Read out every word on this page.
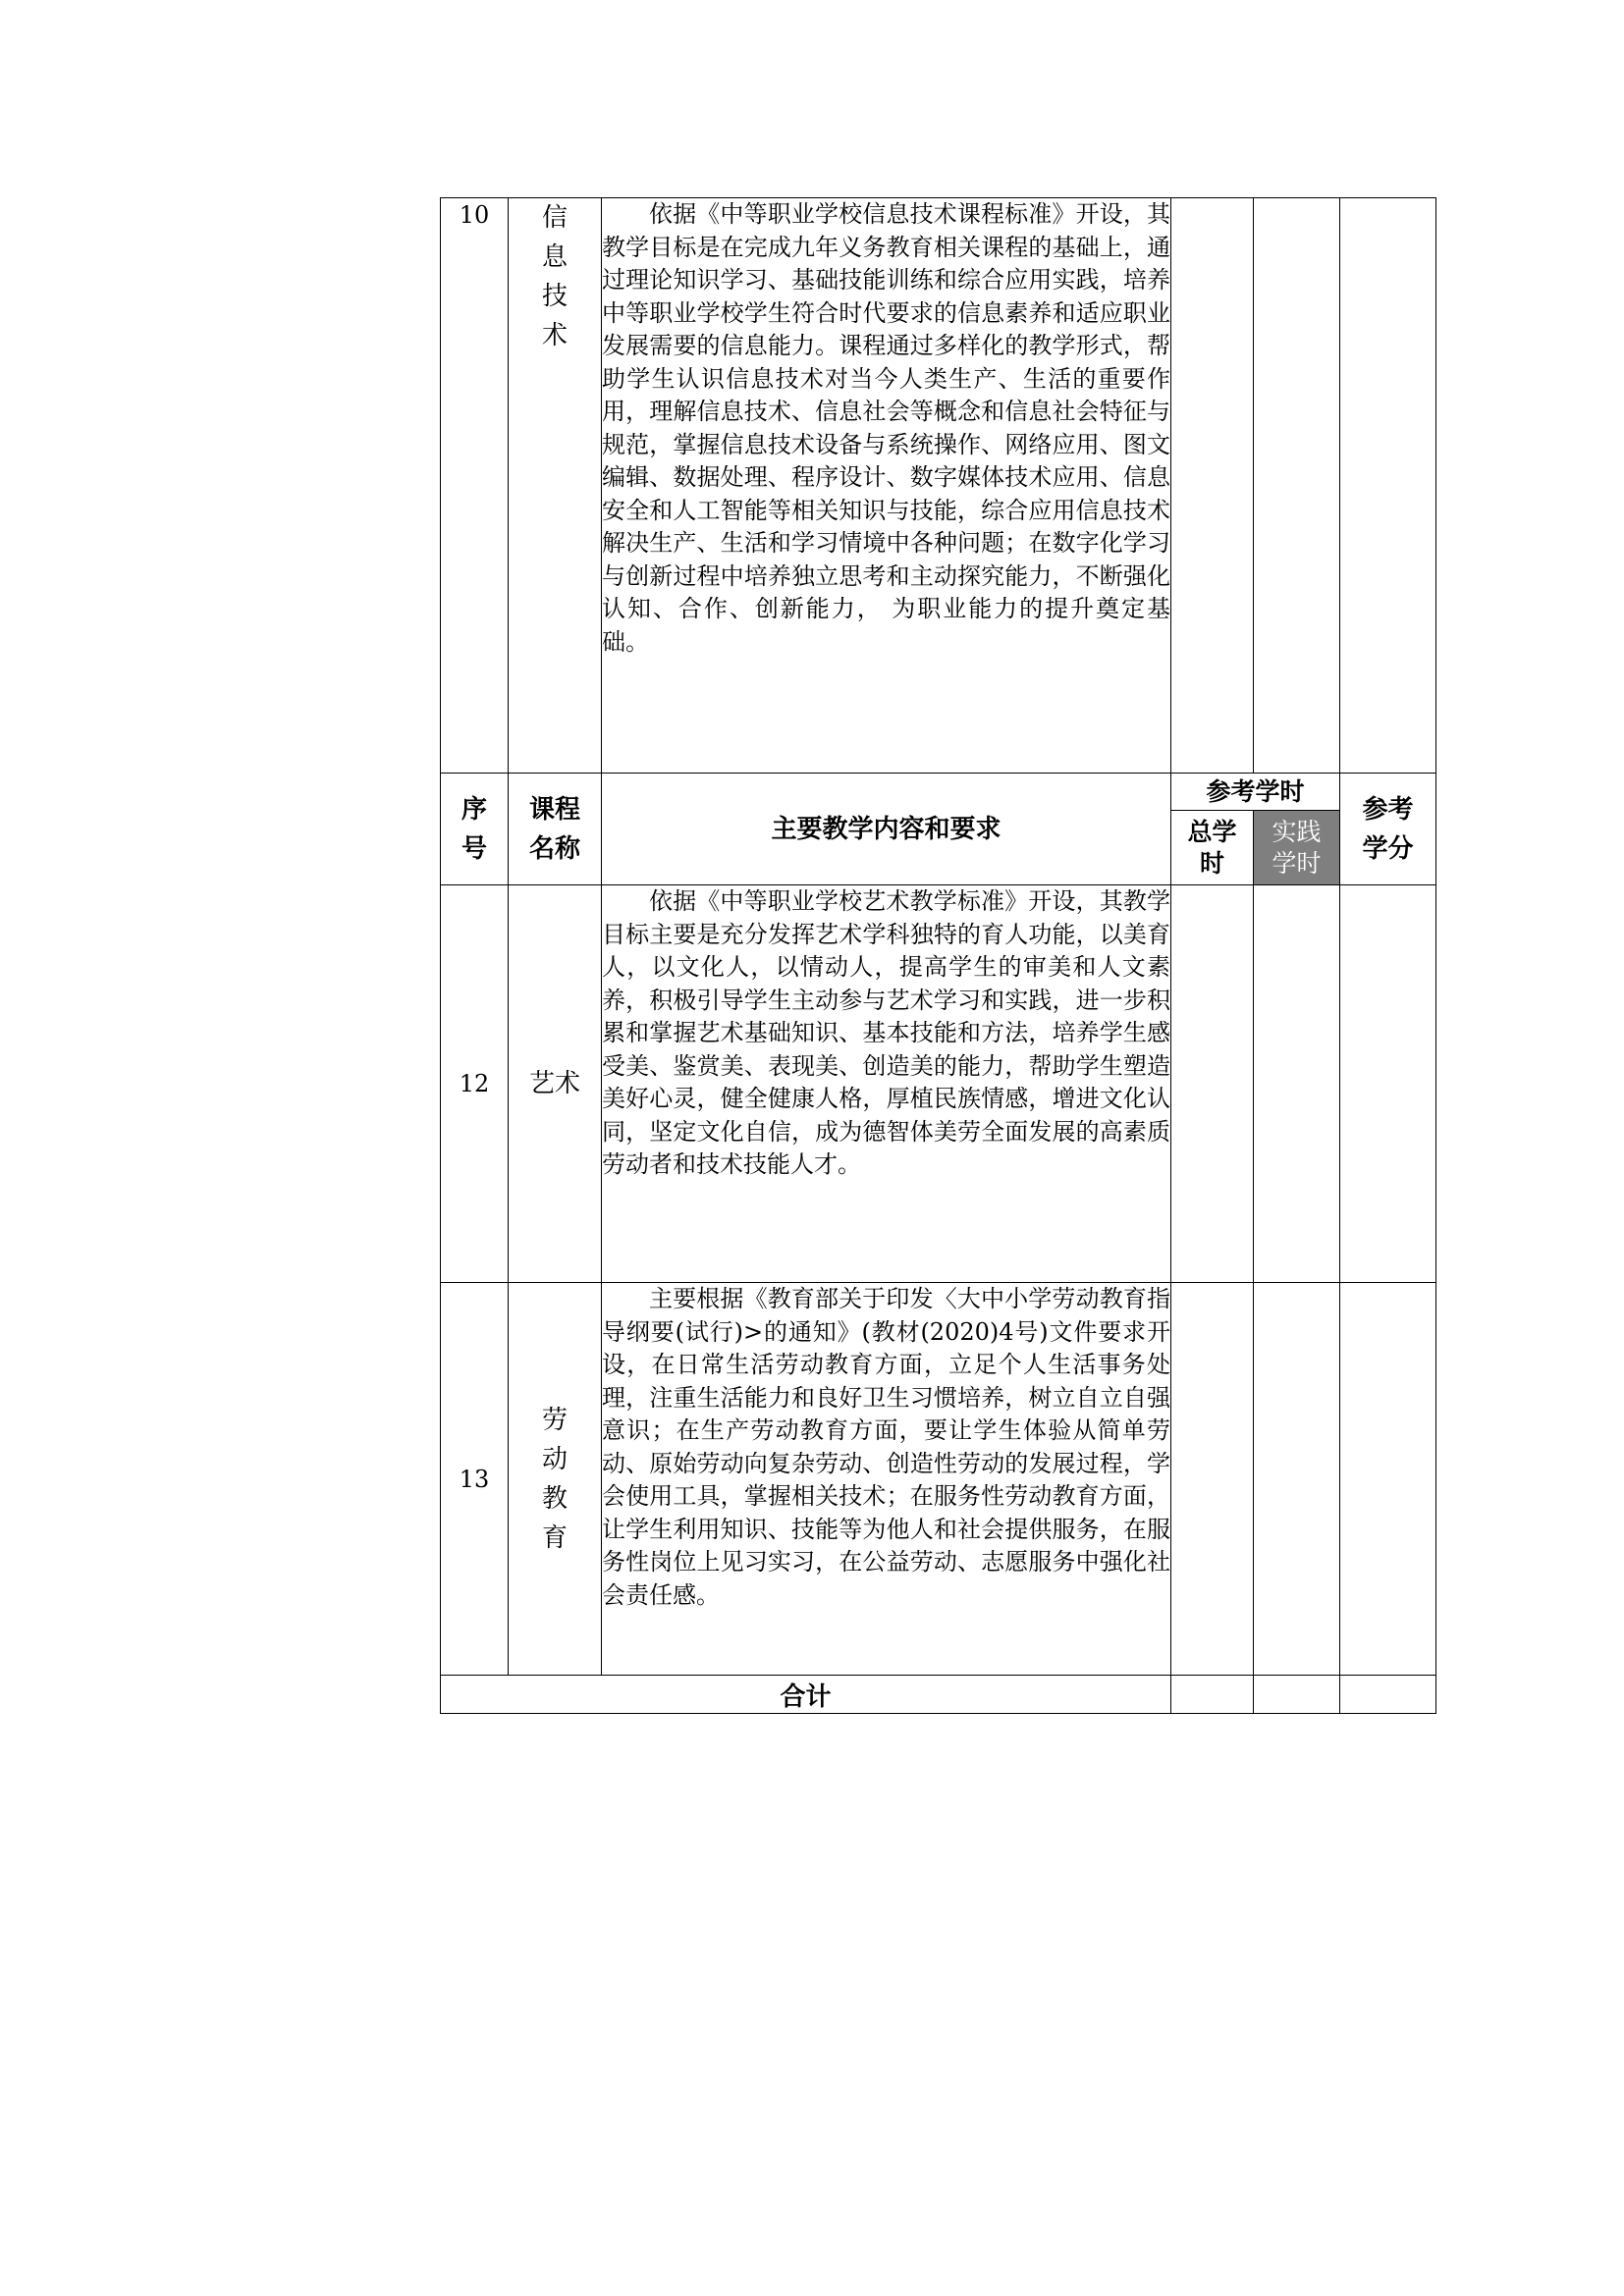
10	信息技术	依据《中等职业学校信息技术课程标准》开设，其教学目标是在完成九年义务教育相关课程的基础上，通过理论知识学习、基础技能训练和综合应用实践，培养中等职业学校学生符合时代要求的信息素养和适应职业发展需要的信息能力。课程通过多样化的教学形式，帮助学生认识信息技术对当今人类生产、生活的重要作用，理解信息技术、信息社会等概念和信息社会特征与规范，掌握信息技术设备与系统操作、网络应用、图文编辑、数据处理、程序设计、数字媒体技术应用、信息安全和人工智能等相关知识与技能，综合应用信息技术解决生产、生活和学习情境中各种问题；在数字化学习与创新过程中培养独立思考和主动探究能力，不断强化认知、合作、创新能力， 为职业能力的提升奠定基础。			

序号	课程名称	主要教学内容和要求	参考学时		参考学分
			总学时	实践学时	
12	艺术	依据《中等职业学校艺术教学标准》开设，其教学目标主要是充分发挥艺术学科独特的育人功能，以美育人，以文化人，以情动人，提高学生的审美和人文素养，积极引导学生主动参与艺术学习和实践，进一步积累和掌握艺术基础知识、基本技能和方法，培养学生感受美、鉴赏美、表现美、创造美的能力，帮助学生塑造美好心灵，健全健康人格，厚植民族情感，增进文化认同，坚定文化自信，成为德智体美劳全面发展的高素质劳动者和技术技能人才。			

13	劳动教育	主要根据《教育部关于印发〈大中小学劳动教育指导纲要(试行)>的通知》(教材(2020)4号)文件要求开设，在日常生活劳动教育方面，立足个人生活事务处理，注重生活能力和良好卫生习惯培养，树立自立自强意识；在生产劳动教育方面，要让学生体验从简单劳动、原始劳动向复杂劳动、创造性劳动的发展过程，学会使用工具，掌握相关技术；在服务性劳动教育方面，让学生利用知识、技能等为他人和社会提供服务，在服务性岗位上见习实习，在公益劳动、志愿服务中强化社会责任感。			

合计					
